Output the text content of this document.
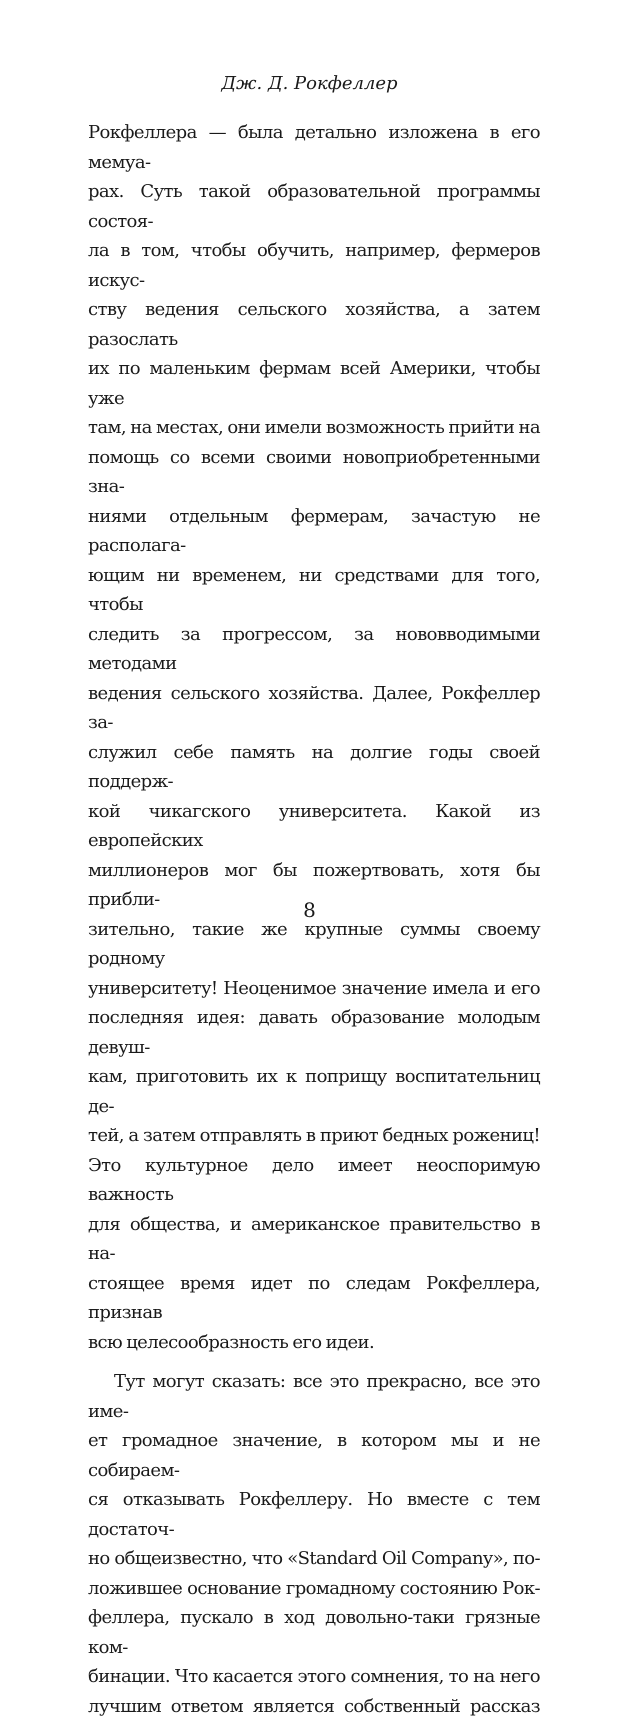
Дж. Д. Рокфеллер

Рокфеллера — была детально изложена в его мемуа-

рах. Суть такой образовательной программы состоя-

ла в том, чтобы обучить, например, фермеров искус-

ству ведения сельского хозяйства, а затем разослать

их по маленьким фермам всей Америки, чтобы уже

там, на местах, они имели возможность прийти на

помощь со всеми своими новоприобретенными зна-

ниями отдельным фермерам, зачастую не располага-

ющим ни временем, ни средствами для того, чтобы

следить за прогрессом, за нововводимыми методами

ведения сельского хозяйства. Далее, Рокфеллер за-

служил себе память на долгие годы своей поддерж-

кой чикагского университета. Какой из европейских

миллионеров мог бы пожертвовать, хотя бы прибли-

зительно, такие же крупные суммы своему родному

университету! Неоценимое значение имела и его

последняя идея: давать образование молодым девуш-

кам, приготовить их к поприщу воспитательниц де-

тей, а затем отправлять в приют бедных рожениц!

Это культурное дело имеет неоспоримую важность

для общества, и американское правительство в на-

стоящее время идет по следам Рокфеллера, признав

всю целесообразность его идеи.

Тут могут сказать: все это прекрасно, все это име-

ет громадное значение, в котором мы и не собираем-

ся отказывать Рокфеллеру. Но вместе с тем достаточ-

но общеизвестно, что «Standard Oil Company», по-

ложившее основание громадному состоянию Рок-

феллера, пускало в ход довольно-таки грязные ком-

бинации. Что касается этого сомнения, то на него

лучшим ответом является собственный рассказ

8
